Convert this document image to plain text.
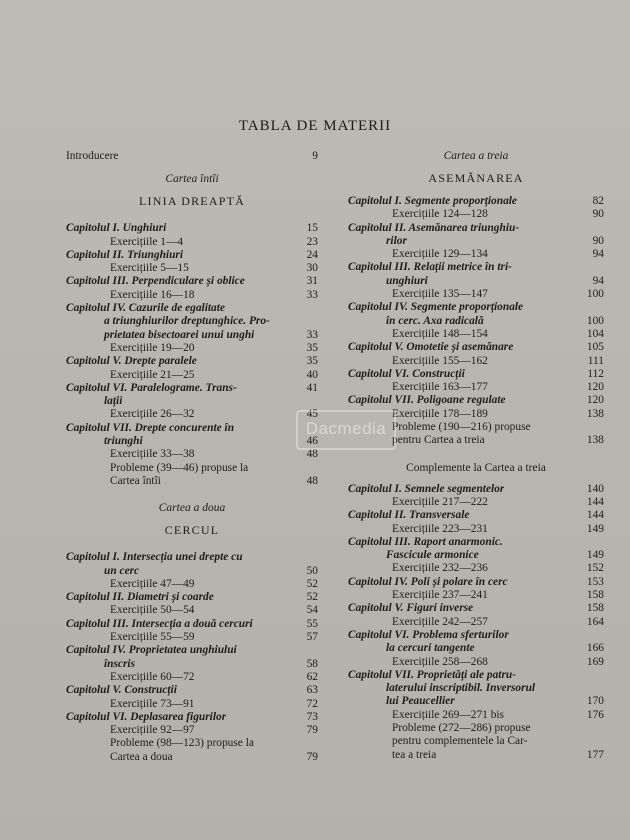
TABLA DE MATERII
Introducere	9
Cartea întîi
LINIA DREAPTĂ
Capitolul I. Unghiuri	15
Exercițiile 1—4	23
Capitolul II. Triunghiuri	24
Exercițiile 5—15	30
Capitolul III. Perpendiculare și oblice	31
Exercițiile 16—18	33
Capitolul IV. Cazurile de egalitate
a triunghiurilor dreptunghice. Pro-
prietatea bisectoarei unui unghi	33
Exercițiile 19—20	35
Capitolul V. Drepte paralele	35
Exercițiile 21—25	40
Capitolul VI. Paralelograme. Trans-	41
lații
Exercițiile 26—32	45
Capitolul VII. Drepte concurente în
triunghi	46
Exercițiile 33—38	48
Probleme (39—46) propuse la
Cartea întîi	48
Cartea a doua
CERCUL
Capitolul I. Intersecția unei drepte cu
un cerc	50
Exercițiile 47—49	52
Capitolul II. Diametri și coarde	52
Exercițiile 50—54	54
Capitolul III. Intersecția a două cercuri	55
Exercițiile 55—59	57
Capitolul IV. Proprietatea unghiului
înscris	58
Exercițiile 60—72	62
Capitolul V. Construcții	63
Exercițiile 73—91	72
Capitolul VI. Deplasarea figurilor	73
Exercițiile 92—97	79
Probleme (98—123) propuse la
Cartea a doua	79
Cartea a treia
ASEMĂNAREA
Capitolul I. Segmente proporționale	82
Exercițiile 124—128	90
Capitolul II. Asemănarea triunghiu-
rilor	90
Exercițiile 129—134	94
Capitolul III. Relații metrice în tri-
unghiuri	94
Exercițiile 135—147	100
Capitolul IV. Segmente proporționale
în cerc. Axa radicală	100
Exercițiile 148—154	104
Capitolul V. Omotetie și asemănare	105
Exercițiile 155—162	111
Capitolul VI. Construcții	112
Exercițiile 163—177	120
Capitolul VII. Poligoane regulate	120
Exercițiile 178—189	138
Probleme (190—216) propuse
pentru Cartea a treia	138
Complemente la Cartea a treia
Capitolul I. Semnele segmentelor	140
Exercițiile 217—222	144
Capitolul II. Transversale	144
Exercițiile 223—231	149
Capitolul III. Raport anarmonic.
Fascicule armonice	149
Exercițiile 232—236	152
Capitolul IV. Poli și polare în cerc	153
Exercițiile 237—241	158
Capitolul V. Figuri inverse	158
Exercițiile 242—257	164
Capitolul VI. Problema sferturilor
la cercuri tangente	166
Exercițiile 258—268	169
Capitolul VII. Proprietăți ale patru-
laterului inscriptibil. Inversorul
lui Peaucellier	170
Exercițiile 269—271 bis	176
Probleme (272—286) propuse
pentru complementele la Car-
tea a treia	177
Dacmedia
